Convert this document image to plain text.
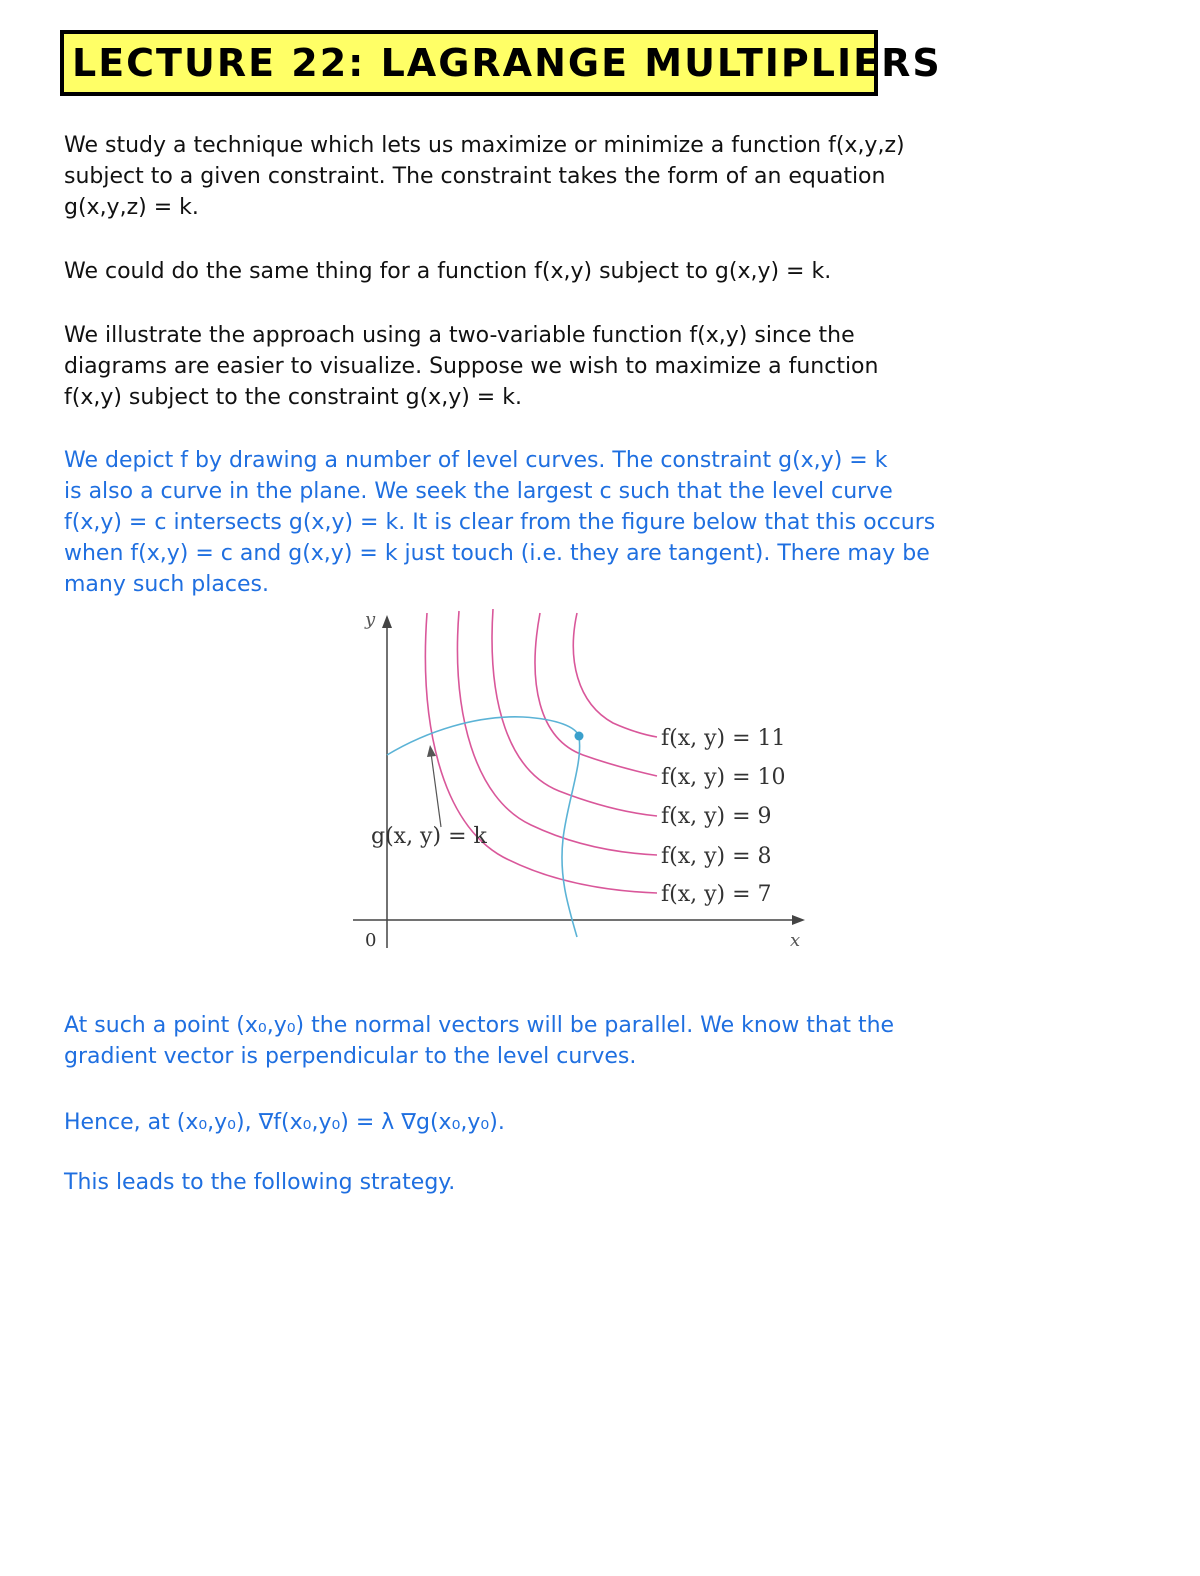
LECTURE 22: LAGRANGE MULTIPLIERS
We study a technique which lets us maximize or minimize a function f(x,y,z)
subject to a given constraint. The constraint takes the form of an equation
g(x,y,z) = k.
We could do the same thing for a function f(x,y) subject to g(x,y) = k.
We illustrate the approach using a two-variable function f(x,y) since the
diagrams are easier to visualize. Suppose we wish to maximize a function
f(x,y) subject to the constraint g(x,y) = k.
We depict f by drawing a number of level curves. The constraint g(x,y) = k
is also a curve in the plane. We seek the largest c such that the level curve
f(x,y) = c intersects g(x,y) = k. It is clear from the figure below that this occurs
when f(x,y) = c and g(x,y) = k just touch (i.e. they are tangent). There may be
many such places.
y
x
0
g(x, y) = k
f(x, y) = 11
f(x, y) = 10
f(x, y) = 9
f(x, y) = 8
f(x, y) = 7
At such a point (x₀,y₀) the normal vectors will be parallel. We know that the
gradient vector is perpendicular to the level curves.
Hence, at (x₀,y₀), ∇f(x₀,y₀) = λ ∇g(x₀,y₀).
This leads to the following strategy.
